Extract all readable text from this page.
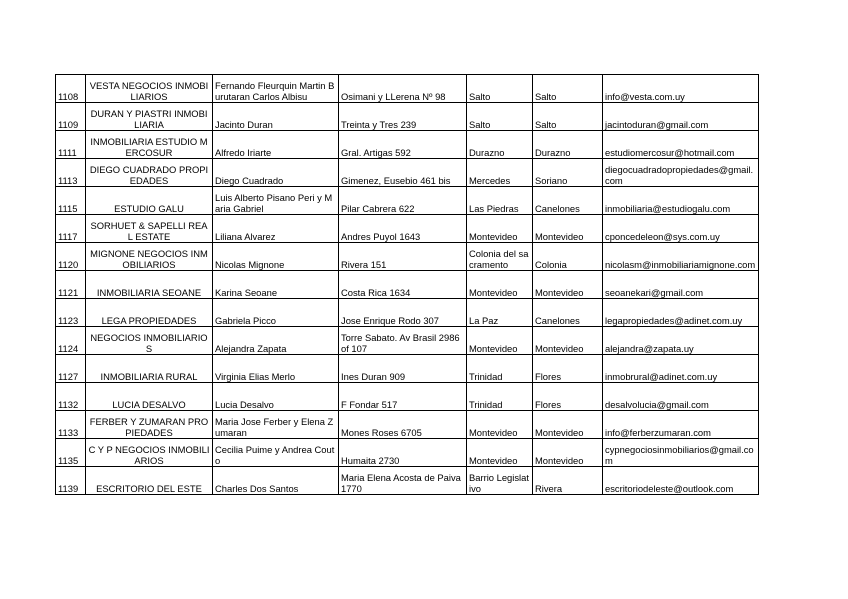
1108	VESTA NEGOCIOS INMOBILIARIOS	Fernando Fleurquin Martin Burutaran Carlos Albisu	Osimani y LLerena Nº 98	Salto	Salto	info@vesta.com.uy
1109	DURAN Y PIASTRI INMOBILIARIA	Jacinto Duran	Treinta y Tres 239	Salto	Salto	jacintoduran@gmail.com
1111	INMOBILIARIA ESTUDIO MERCOSUR	Alfredo Iriarte	Gral. Artigas 592	Durazno	Durazno	estudiomercosur@hotmail.com
1113	DIEGO CUADRADO PROPIEDADES	Diego Cuadrado	Gimenez, Eusebio 461 bis	Mercedes	Soriano	diegocuadradopropiedades@gmail.com
1115	ESTUDIO GALU	Luis Alberto Pisano Peri y Maria Gabriel	Pilar Cabrera 622	Las Piedras	Canelones	inmobiliaria@estudiogalu.com
1117	SORHUET & SAPELLI REAL ESTATE	Liliana Alvarez	Andres Puyol 1643	Montevideo	Montevideo	cponcedeleon@sys.com.uy
1120	MIGNONE NEGOCIOS INMOBILIARIOS	Nicolas Mignone	Rivera 151	Colonia del sacramento	Colonia	nicolasm@inmobiliariamignone.com
1121	INMOBILIARIA SEOANE	Karina Seoane	Costa Rica 1634	Montevideo	Montevideo	seoanekari@gmail.com
1123	LEGA PROPIEDADES	Gabriela Picco	Jose Enrique Rodo 307	La Paz	Canelones	legapropiedades@adinet.com.uy
1124	NEGOCIOS INMOBILIARIOS	Alejandra Zapata	Torre Sabato. Av Brasil 2986 of 107	Montevideo	Montevideo	alejandra@zapata.uy
1127	INMOBILIARIA RURAL	Virginia Elias Merlo	Ines Duran 909	Trinidad	Flores	inmobrural@adinet.com.uy
1132	LUCIA DESALVO	Lucia Desalvo	F Fondar 517	Trinidad	Flores	desalvolucia@gmail.com
1133	FERBER Y ZUMARAN PROPIEDADES	Maria Jose Ferber y Elena Zumaran	Mones Roses 6705	Montevideo	Montevideo	info@ferberzumaran.com
1135	C Y P NEGOCIOS INMOBILIARIOS	Cecilia Puime y Andrea Couto	Humaita 2730	Montevideo	Montevideo	cypnegociosinmobiliarios@gmail.com
1139	ESCRITORIO DEL ESTE	Charles Dos Santos	Maria Elena Acosta de Paiva 1770	Barrio Legislativo	Rivera	escritoriodeleste@outlook.com
